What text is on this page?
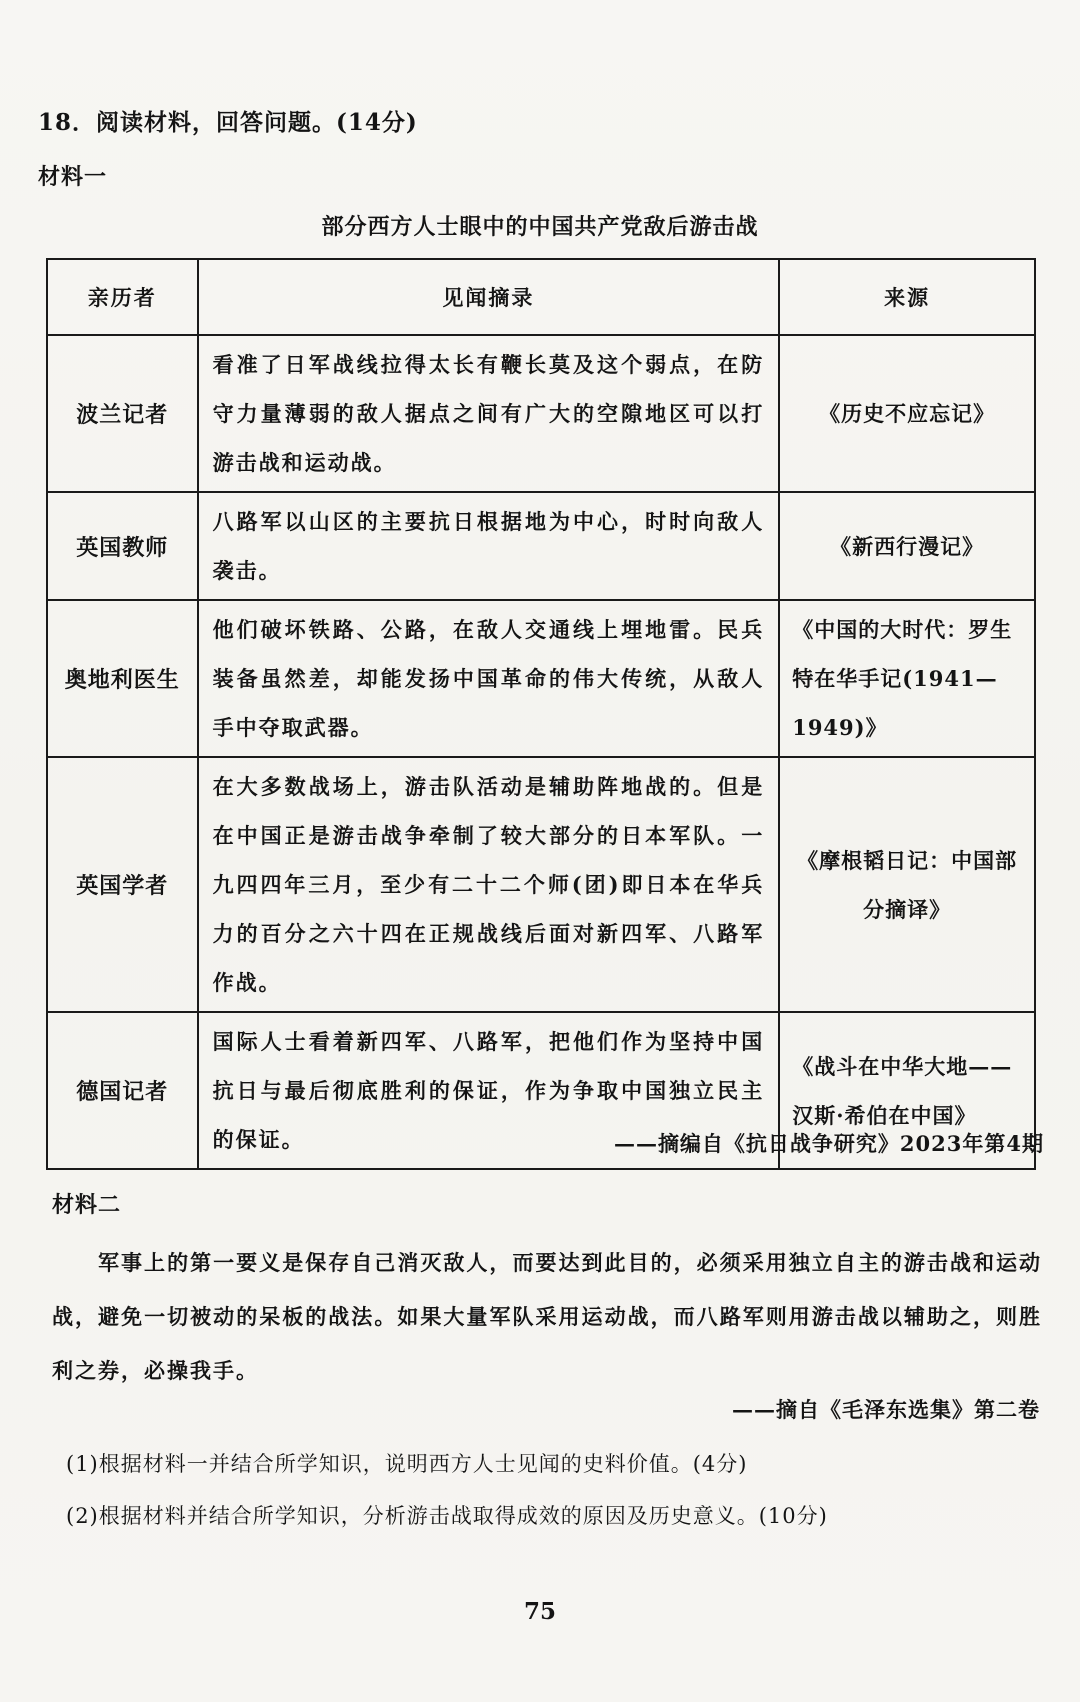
18．阅读材料，回答问题。(14分)
材料一
部分西方人士眼中的中国共产党敌后游击战
亲历者	见闻摘录	来源
波兰记者	看准了日军战线拉得太长有鞭长莫及这个弱点，在防守力量薄弱的敌人据点之间有广大的空隙地区可以打游击战和运动战。	《历史不应忘记》
英国教师	八路军以山区的主要抗日根据地为中心，时时向敌人袭击。	《新西行漫记》
奥地利医生	他们破坏铁路、公路，在敌人交通线上埋地雷。民兵装备虽然差，却能发扬中国革命的伟大传统，从敌人手中夺取武器。	《中国的大时代：罗生特在华手记(1941—1949)》
英国学者	在大多数战场上，游击队活动是辅助阵地战的。但是在中国正是游击战争牵制了较大部分的日本军队。一九四四年三月，至少有二十二个师(团)即日本在华兵力的百分之六十四在正规战线后面对新四军、八路军作战。	《摩根韬日记：中国部分摘译》
德国记者	国际人士看着新四军、八路军，把他们作为坚持中国抗日与最后彻底胜利的保证，作为争取中国独立民主的保证。	《战斗在中华大地——汉斯·希伯在中国》
——摘编自《抗日战争研究》2023年第4期
材料二
军事上的第一要义是保存自己消灭敌人，而要达到此目的，必须采用独立自主的游击战和运动战，避免一切被动的呆板的战法。如果大量军队采用运动战，而八路军则用游击战以辅助之，则胜利之券，必操我手。
——摘自《毛泽东选集》第二卷
(1)根据材料一并结合所学知识，说明西方人士见闻的史料价值。(4分)
(2)根据材料并结合所学知识，分析游击战取得成效的原因及历史意义。(10分)
75
